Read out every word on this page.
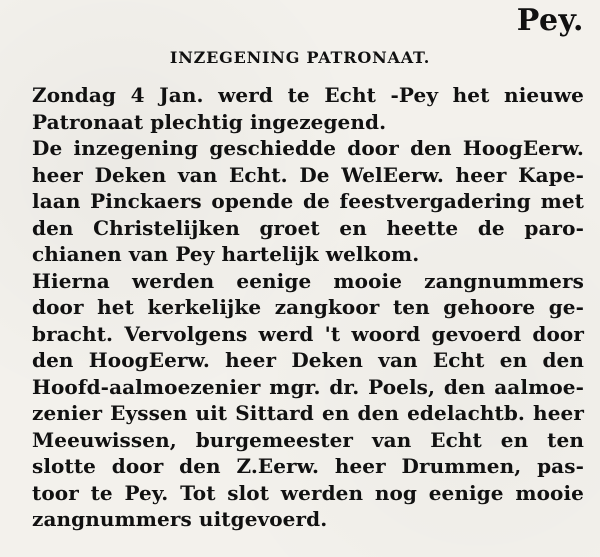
Pey.
INZEGENING PATRONAAT.
Zondag 4 Jan. werd te Echt -Pey het nieuwe
Patronaat plechtig ingezegend.
De inzegening geschiedde door den HoogEerw.
heer Deken van Echt. De WelEerw. heer Kape-
laan Pinckaers opende de feestvergadering met
den Christelijken groet en heette de paro-
chianen van Pey hartelijk welkom.
Hierna werden eenige mooie zangnummers
door het kerkelijke zangkoor ten gehoore ge-
bracht. Vervolgens werd 't woord gevoerd door
den HoogEerw. heer Deken van Echt en den
Hoofd-aalmoezenier mgr. dr. Poels, den aalmoe-
zenier Eyssen uit Sittard en den edelachtb. heer
Meeuwissen, burgemeester van Echt en ten
slotte door den Z.Eerw. heer Drummen, pas-
toor te Pey. Tot slot werden nog eenige mooie
zangnummers uitgevoerd.
